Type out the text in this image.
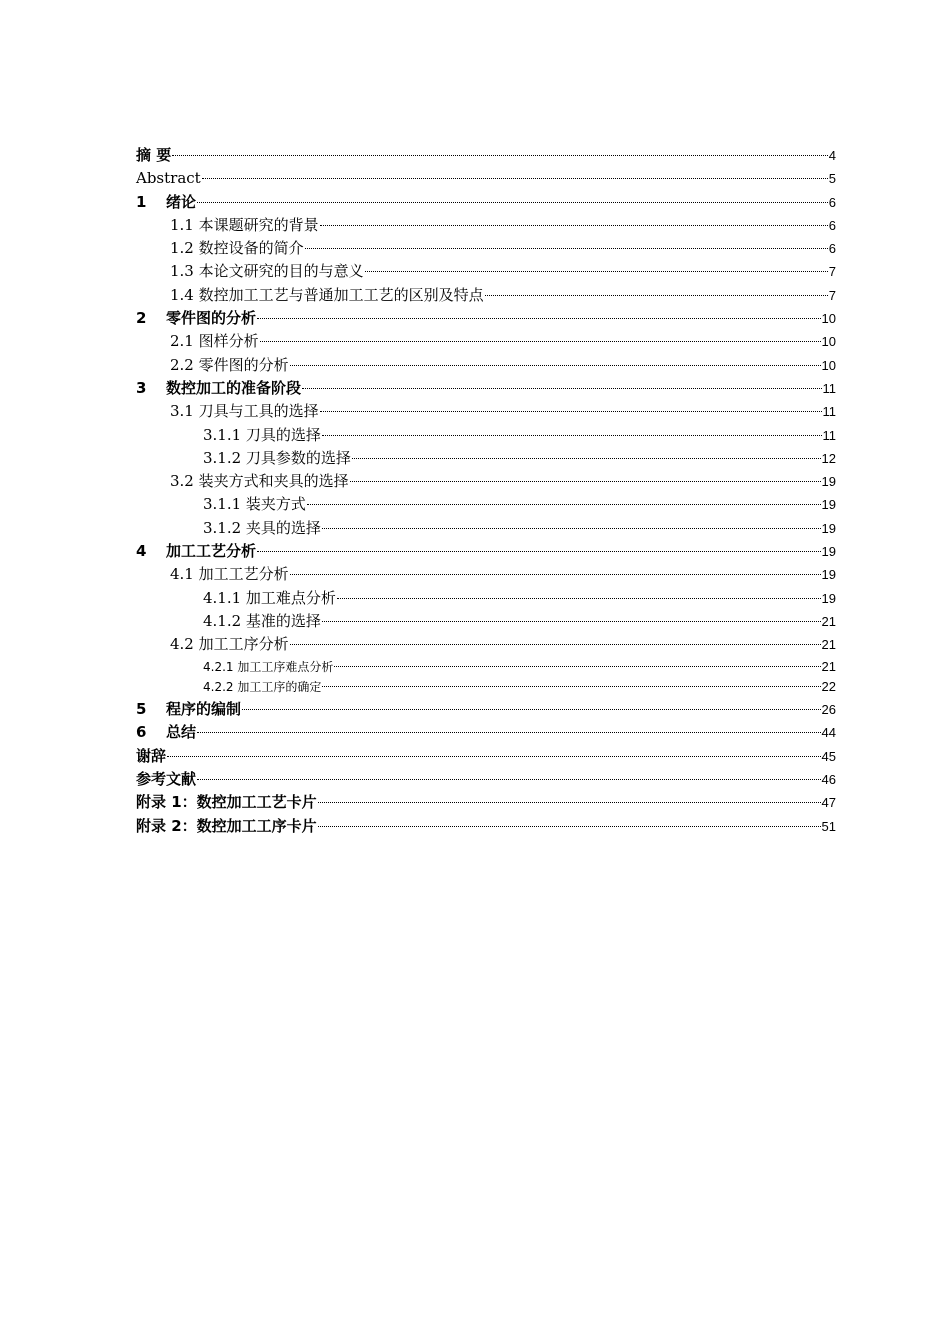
摘 要	4
Abstract	5
1	绪论	6
1.1 本课题研究的背景	6
1.2 数控设备的简介	6
1.3 本论文研究的目的与意义	7
1.4 数控加工工艺与普通加工工艺的区别及特点	7
2	零件图的分析	10
2.1 图样分析	10
2.2 零件图的分析	10
3	数控加工的准备阶段	11
3.1 刀具与工具的选择	11
3.1.1 刀具的选择	11
3.1.2 刀具参数的选择	12
3.2 装夹方式和夹具的选择	19
3.1.1 装夹方式	19
3.1.2 夹具的选择	19
4	加工工艺分析	19
4.1 加工工艺分析	19
4.1.1 加工难点分析	19
4.1.2 基准的选择	21
4.2 加工工序分析	21
4.2.1 加工工序难点分析	21
4.2.2 加工工序的确定	22
5	程序的编制	26
6	总结	44
谢辞	45
参考文献	46
附录 1：数控加工工艺卡片	47
附录 2：数控加工工序卡片	51
